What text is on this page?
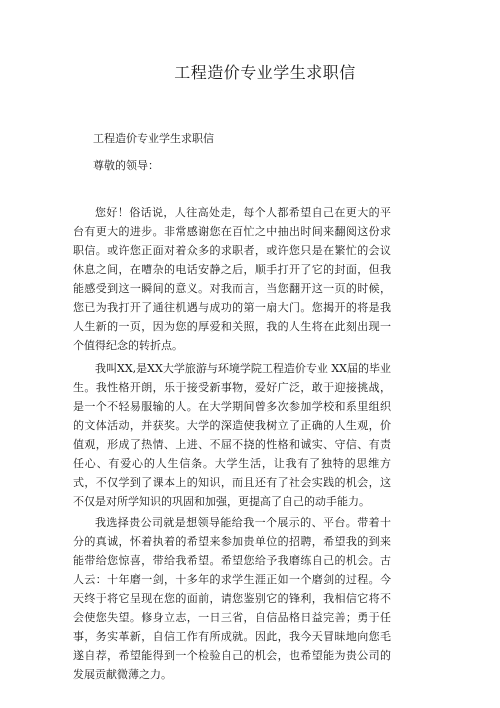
工程造价专业学生求职信
工程造价专业学生求职信
尊敬的领导：

您好！俗话说，人往高处走，每个人都希望自己在更大的平台有更大的进步。非常感谢您在百忙之中抽出时间来翻阅这份求职信。或许您正面对着众多的求职者，或许您只是在繁忙的会议休息之间，在嘈杂的电话安静之后，顺手打开了它的封面，但我能感受到这一瞬间的意义。对我而言，当您翻开这一页的时候，您已为我打开了通往机遇与成功的第一扇大门。您揭开的将是我人生新的一页，因为您的厚爱和关照，我的人生将在此刻出现一个值得纪念的转折点。

我叫XX,是XX大学旅游与环境学院工程造价专业 XX届的毕业生。我性格开朗，乐于接受新事物，爱好广泛，敢于迎接挑战，是一个不轻易服输的人。在大学期间曾多次参加学校和系里组织的文体活动，并获奖。大学的深造使我树立了正确的人生观，价值观，形成了热情、上进、不屈不挠的性格和诚实、守信、有责任心、有爱心的人生信条。大学生活，让我有了独特的思维方式，不仅学到了课本上的知识，而且还有了社会实践的机会，这不仅是对所学知识的巩固和加强，更提高了自己的动手能力。

我选择贵公司就是想领导能给我一个展示的、平台。带着十分的真诚，怀着执着的希望来参加贵单位的招聘，希望我的到来能带给您惊喜，带给我希望。希望您给予我磨练自己的机会。古人云：十年磨一剑，十多年的求学生涯正如一个磨剑的过程。今天终于将它呈现在您的面前，请您鉴别它的锋利，我相信它将不会使您失望。修身立志，一日三省，自信品格日益完善；勇于任事，务实革新，自信工作有所成就。因此，我今天冒昧地向您毛遂自荐，希望能得到一个检验自己的机会，也希望能为贵公司的发展贡献微薄之力。
